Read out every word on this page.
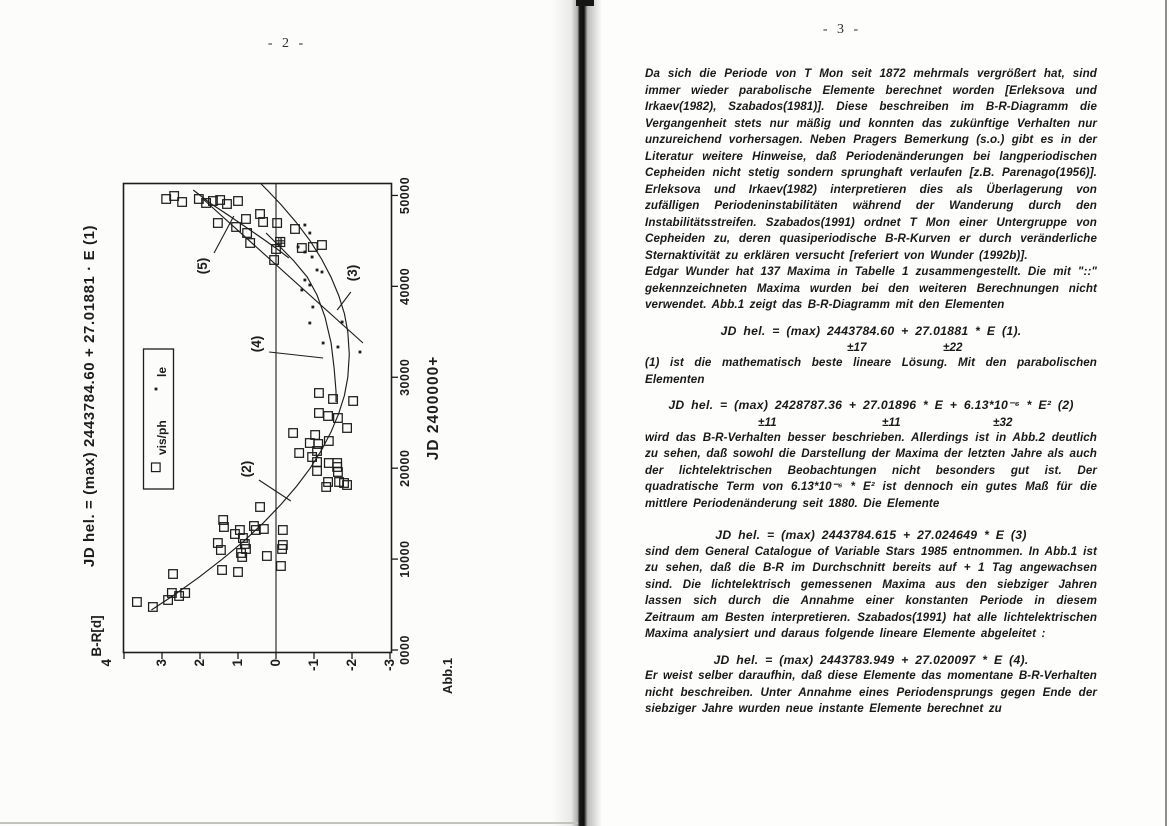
- 2 -
4	3 2 1 0 -1 -2 -3
0000
10000
20000
30000
40000
50000
JD hel. = (max) 2443784.60 + 27.01881 · E (1)
B-R[d]
JD 2400000+
Abb.1
vis/ph
le
(2)
(3)
(4)
(5)
- 3 -

Da sich die Periode von T Mon seit 1872 mehrmals vergrößert hat, sind immer wieder parabolische Elemente berechnet worden [Erleksova und Irkaev(1982), Szabados(1981)]. Diese beschreiben im B-R-Diagramm die Vergangenheit stets nur mäßig und konnten das zukünftige Verhalten nur unzureichend vorhersagen. Neben Pragers Bemerkung (s.o.) gibt es in der Literatur weitere Hinweise, daß Periodenänderungen bei langperiodischen Cepheiden nicht stetig sondern sprunghaft verlaufen [z.B. Parenago(1956)]. Erleksova und Irkaev(1982) interpretieren dies als Überlagerung von zufälligen Periodeninstabilitäten während der Wanderung durch den Instabilitätsstreifen. Szabados(1991) ordnet T Mon einer Untergruppe von Cepheiden zu, deren quasiperiodische B-R-Kurven er durch veränderliche Sternaktivität zu erklären versucht [referiert von Wunder (1992b)].

Edgar Wunder hat 137 Maxima in Tabelle 1 zusammengestellt. Die mit "::" gekennzeichneten Maxima wurden bei den weiteren Berechnungen nicht verwendet. Abb.1 zeigt das B-R-Diagramm mit den Elementen

JD hel. = (max) 2443784.60 + 27.01881 * E (1).
±17	±22

(1) ist die mathematisch beste lineare Lösung. Mit den parabolischen Elementen

JD hel. = (max) 2428787.36 + 27.01896 * E + 6.13*10⁻⁶ * E² (2)
±11	±11	±32

wird das B-R-Verhalten besser beschrieben. Allerdings ist in Abb.2 deutlich zu sehen, daß sowohl die Darstellung der Maxima der letzten Jahre als auch der lichtelektrischen Beobachtungen nicht besonders gut ist. Der quadratische Term von 6.13*10⁻⁶ * E² ist dennoch ein gutes Maß für die mittlere Periodenänderung seit 1880. Die Elemente

JD hel. = (max) 2443784.615 + 27.024649 * E (3)

sind dem General Catalogue of Variable Stars 1985 entnommen. In Abb.1 ist zu sehen, daß die B-R im Durchschnitt bereits auf + 1 Tag angewachsen sind. Die lichtelektrisch gemessenen Maxima aus den siebziger Jahren lassen sich durch die Annahme einer konstanten Periode in diesem Zeitraum am Besten interpretieren. Szabados(1991) hat alle lichtelektrischen Maxima analysiert und daraus folgende lineare Elemente abgeleitet :

JD hel. = (max) 2443783.949 + 27.020097 * E (4).

Er weist selber daraufhin, daß diese Elemente das momentane B-R-Verhalten nicht beschreiben. Unter Annahme eines Periodensprungs gegen Ende der siebziger Jahre wurden neue instante Elemente berechnet zu
